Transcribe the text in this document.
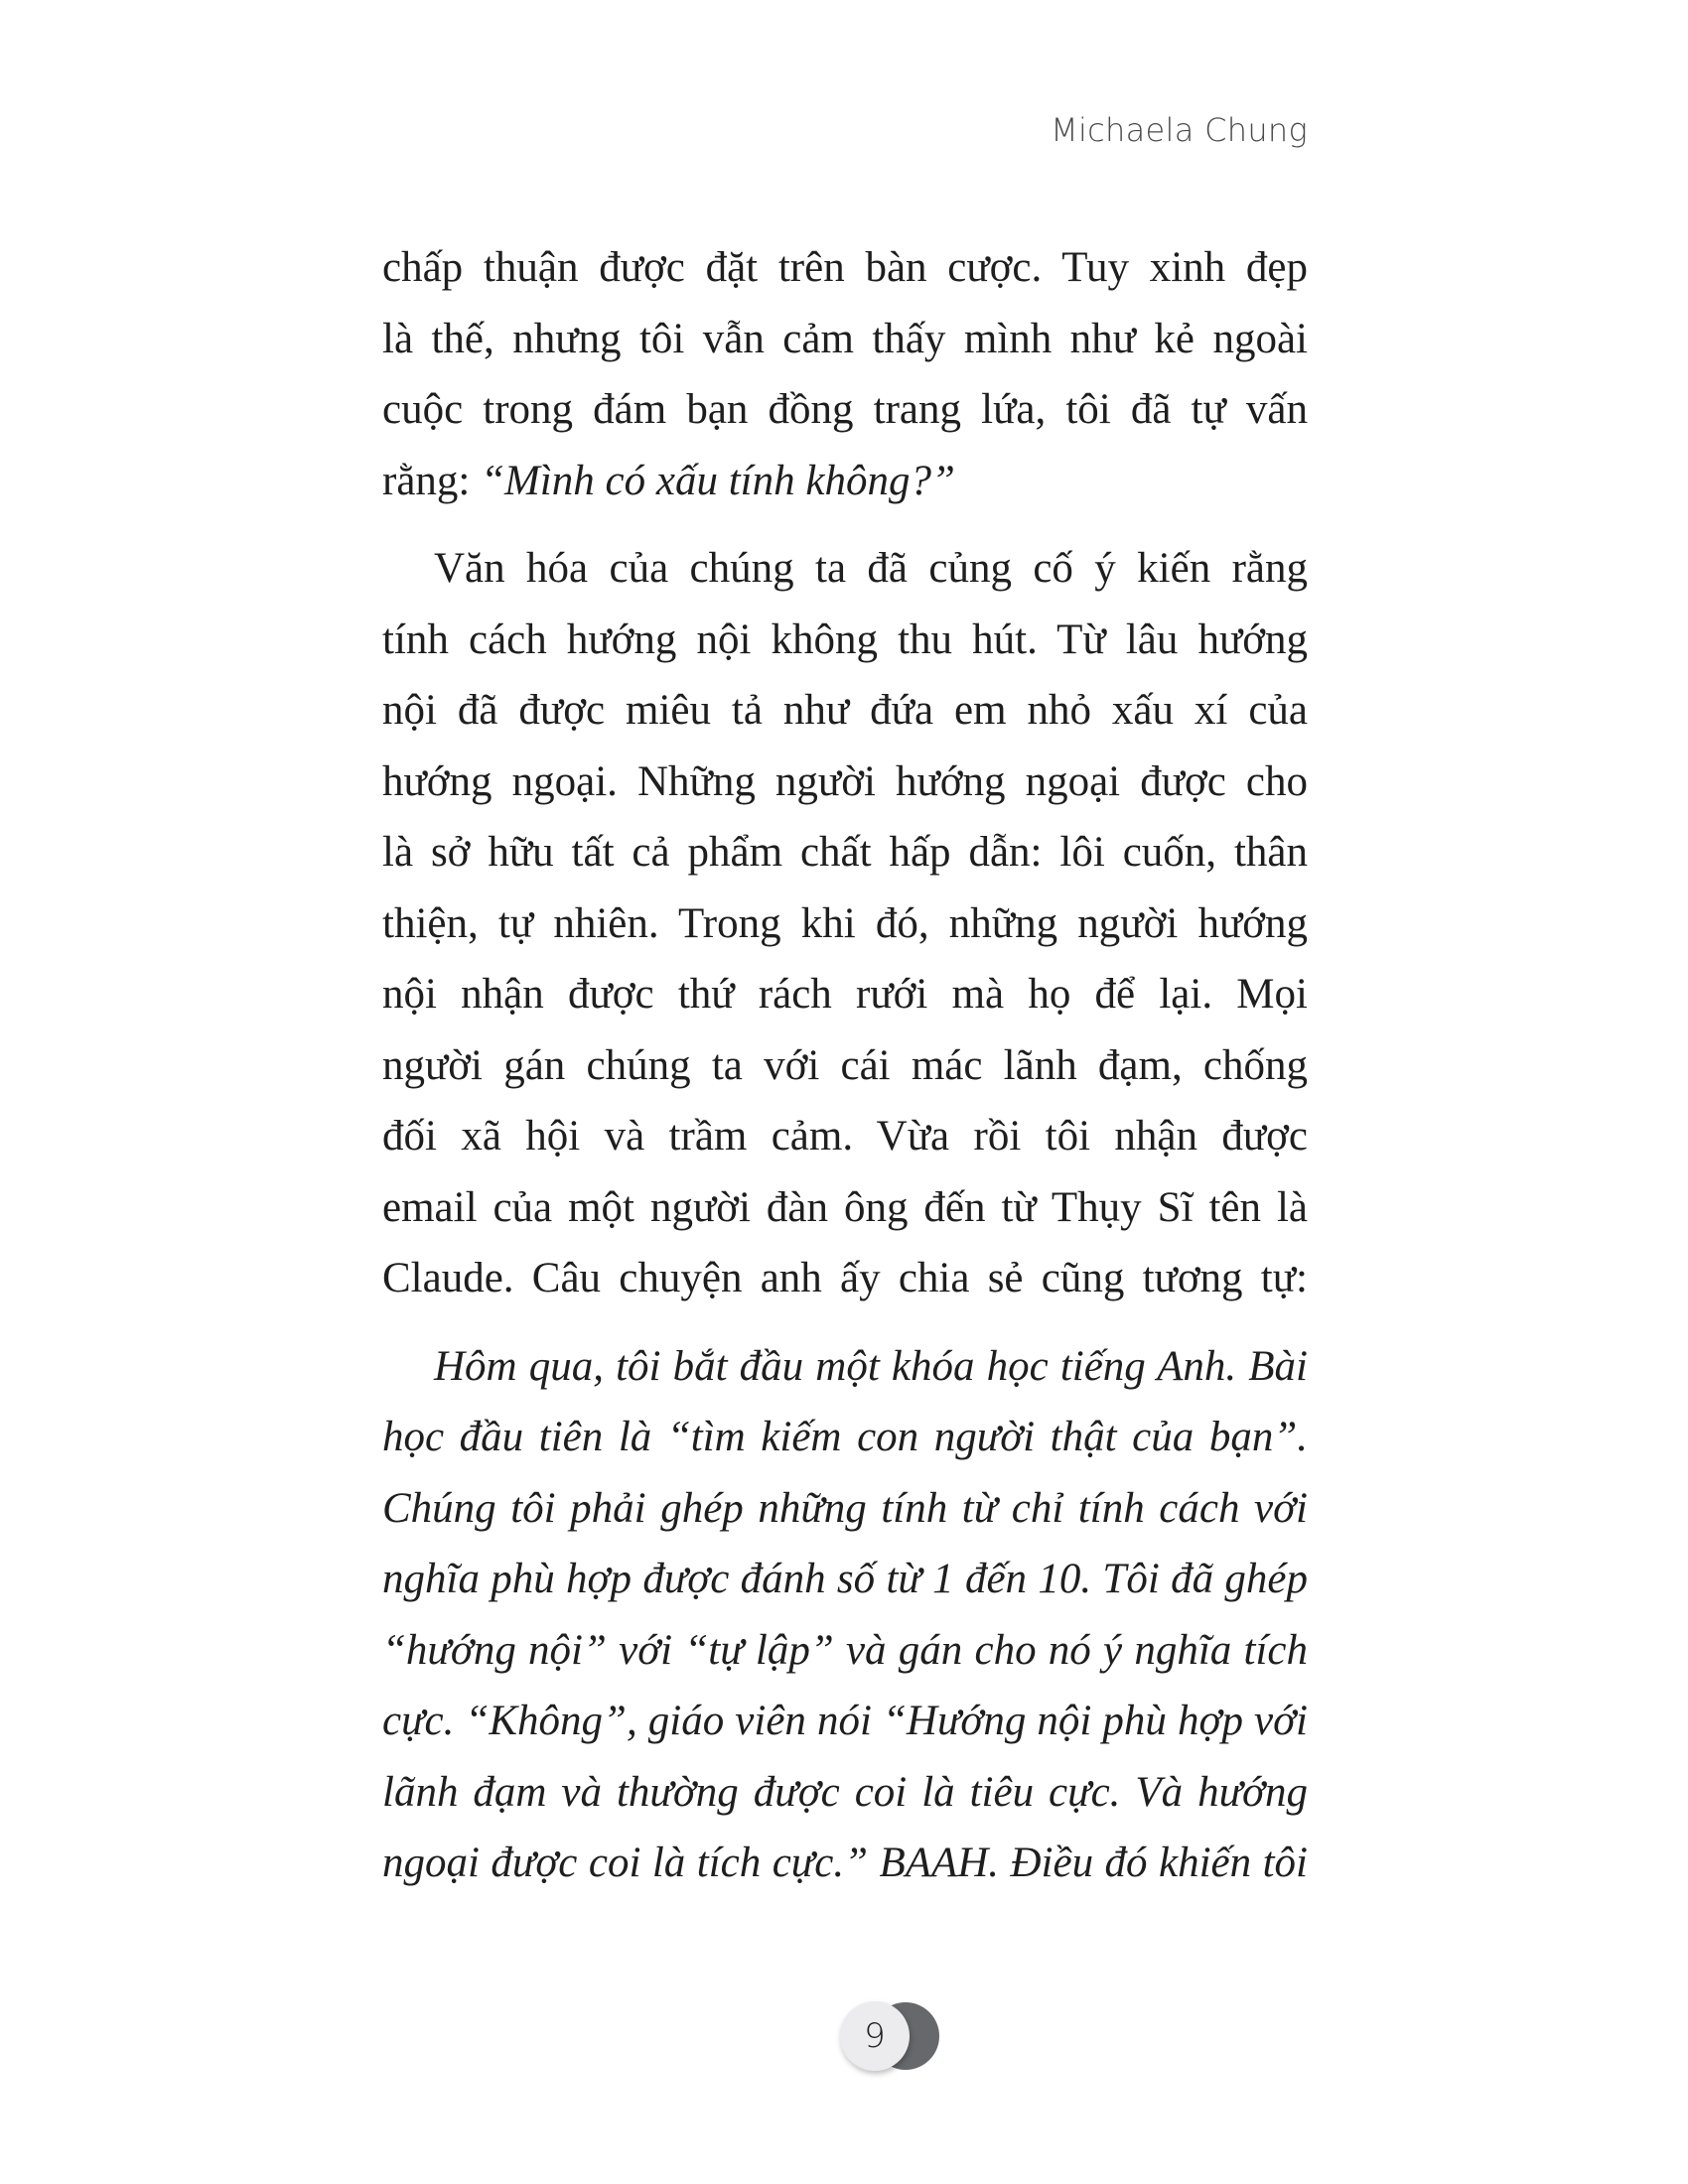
Michaela Chung
chấp thuận được đặt trên bàn cược. Tuy xinh đẹp
là thế, nhưng tôi vẫn cảm thấy mình như kẻ ngoài
cuộc trong đám bạn đồng trang lứa, tôi đã tự vấn
rằng: “Mình có xấu tính không?”
Văn hóa của chúng ta đã củng cố ý kiến rằng
tính cách hướng nội không thu hút. Từ lâu hướng
nội đã được miêu tả như đứa em nhỏ xấu xí của
hướng ngoại. Những người hướng ngoại được cho
là sở hữu tất cả phẩm chất hấp dẫn: lôi cuốn, thân
thiện, tự nhiên. Trong khi đó, những người hướng
nội nhận được thứ rách rưới mà họ để lại. Mọi
người gán chúng ta với cái mác lãnh đạm, chống
đối xã hội và trầm cảm. Vừa rồi tôi nhận được
email của một người đàn ông đến từ Thụy Sĩ tên là
Claude. Câu chuyện anh ấy chia sẻ cũng tương tự:
Hôm qua, tôi bắt đầu một khóa học tiếng Anh. Bài
học đầu tiên là “tìm kiếm con người thật của bạn”.
Chúng tôi phải ghép những tính từ chỉ tính cách với
nghĩa phù hợp được đánh số từ 1 đến 10. Tôi đã ghép
“hướng nội” với “tự lập” và gán cho nó ý nghĩa tích
cực. “Không”, giáo viên nói “Hướng nội phù hợp với
lãnh đạm và thường được coi là tiêu cực. Và hướng
ngoại được coi là tích cực.” BAAH. Điều đó khiến tôi
9
